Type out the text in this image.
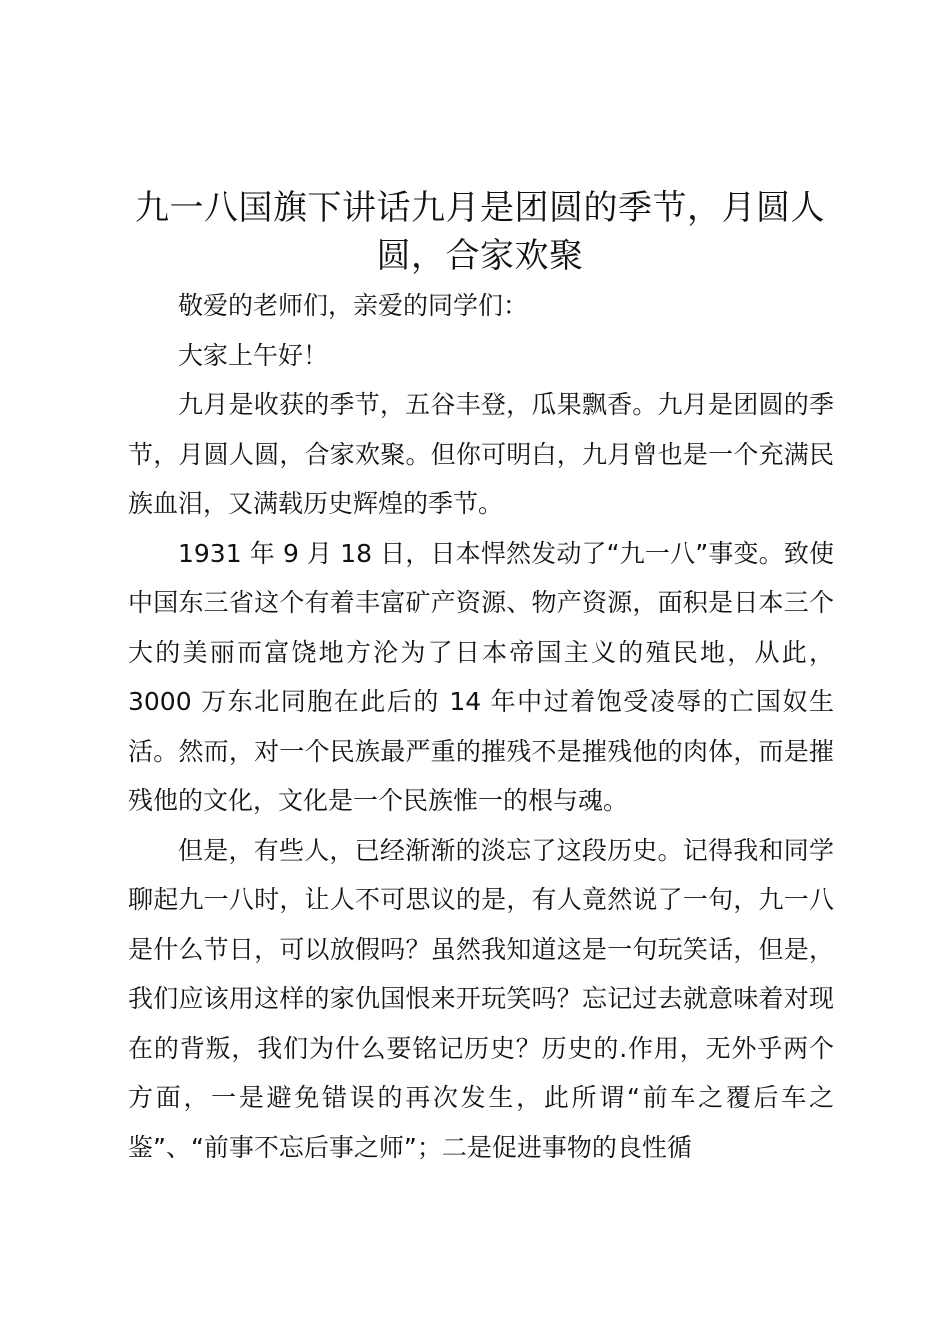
九一八国旗下讲话九月是团圆的季节，月圆人圆，合家欢聚

敬爱的老师们，亲爱的同学们：

大家上午好！

九月是收获的季节，五谷丰登，瓜果飘香。九月是团圆的季节，月圆人圆，合家欢聚。但你可明白，九月曾也是一个充满民族血泪，又满载历史辉煌的季节。

1931 年 9 月 18 日，日本悍然发动了“九一八”事变。致使中国东三省这个有着丰富矿产资源、物产资源，面积是日本三个大的美丽而富饶地方沦为了日本帝国主义的殖民地，从此，3000 万东北同胞在此后的 14 年中过着饱受凌辱的亡国奴生活。然而，对一个民族最严重的摧残不是摧残他的肉体，而是摧残他的文化，文化是一个民族惟一的根与魂。

但是，有些人，已经渐渐的淡忘了这段历史。记得我和同学聊起九一八时，让人不可思议的是，有人竟然说了一句，九一八是什么节日，可以放假吗？虽然我知道这是一句玩笑话，但是，我们应该用这样的家仇国恨来开玩笑吗？忘记过去就意味着对现在的背叛，我们为什么要铭记历史？历史的.作用，无外乎两个方面，一是避免错误的再次发生，此所谓“前车之覆后车之鉴”、“前事不忘后事之师”；二是促进事物的良性循
